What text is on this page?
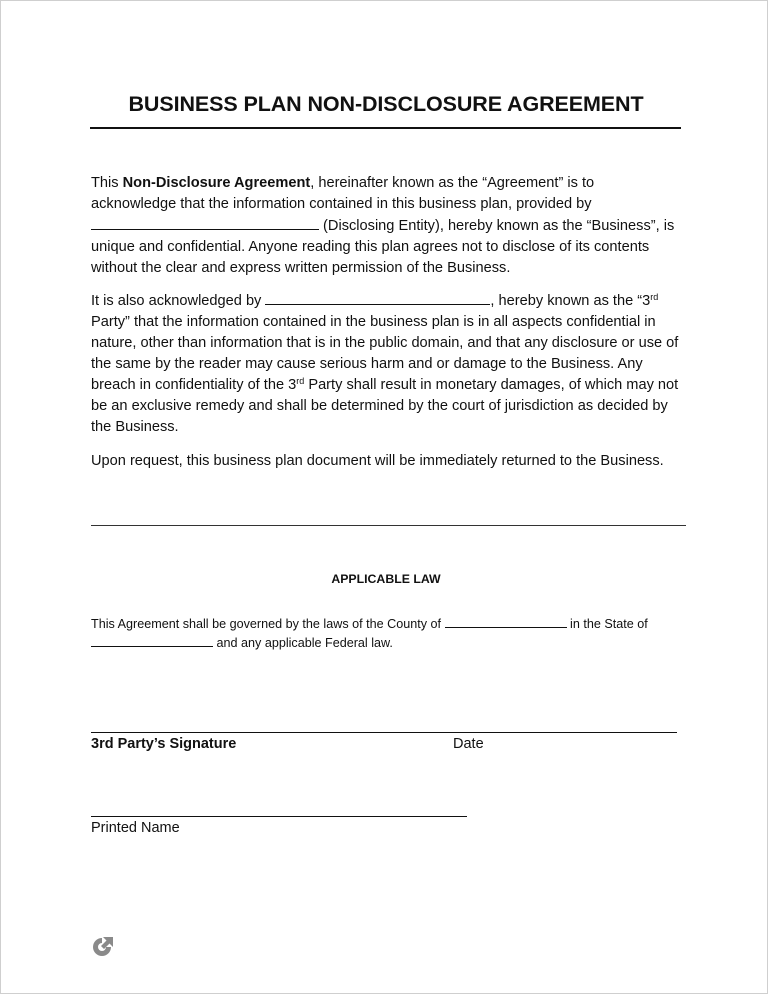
BUSINESS PLAN NON-DISCLOSURE AGREEMENT

This Non-Disclosure Agreement, hereinafter known as the “Agreement” is to acknowledge that the information contained in this business plan, provided by  (Disclosing Entity), hereby known as the “Business”, is unique and confidential. Anyone reading this plan agrees not to disclose of its contents without the clear and express written permission of the Business.

It is also acknowledged by	, hereby known as the “3rd Party” that the information contained in the business plan is in all aspects confidential in nature, other than information that is in the public domain, and that any disclosure or use of the same by the reader may cause serious harm and or damage to the Business. Any breach in confidentiality of the 3rd Party shall result in monetary damages, of which may not be an exclusive remedy and shall be determined by the court of jurisdiction as decided by the Business.

Upon request, this business plan document will be immediately returned to the Business.

APPLICABLE LAW

This Agreement shall be governed by the laws of the County of	in the State of  and any applicable Federal law.

3rd Party’s Signature	Date
Printed Name
